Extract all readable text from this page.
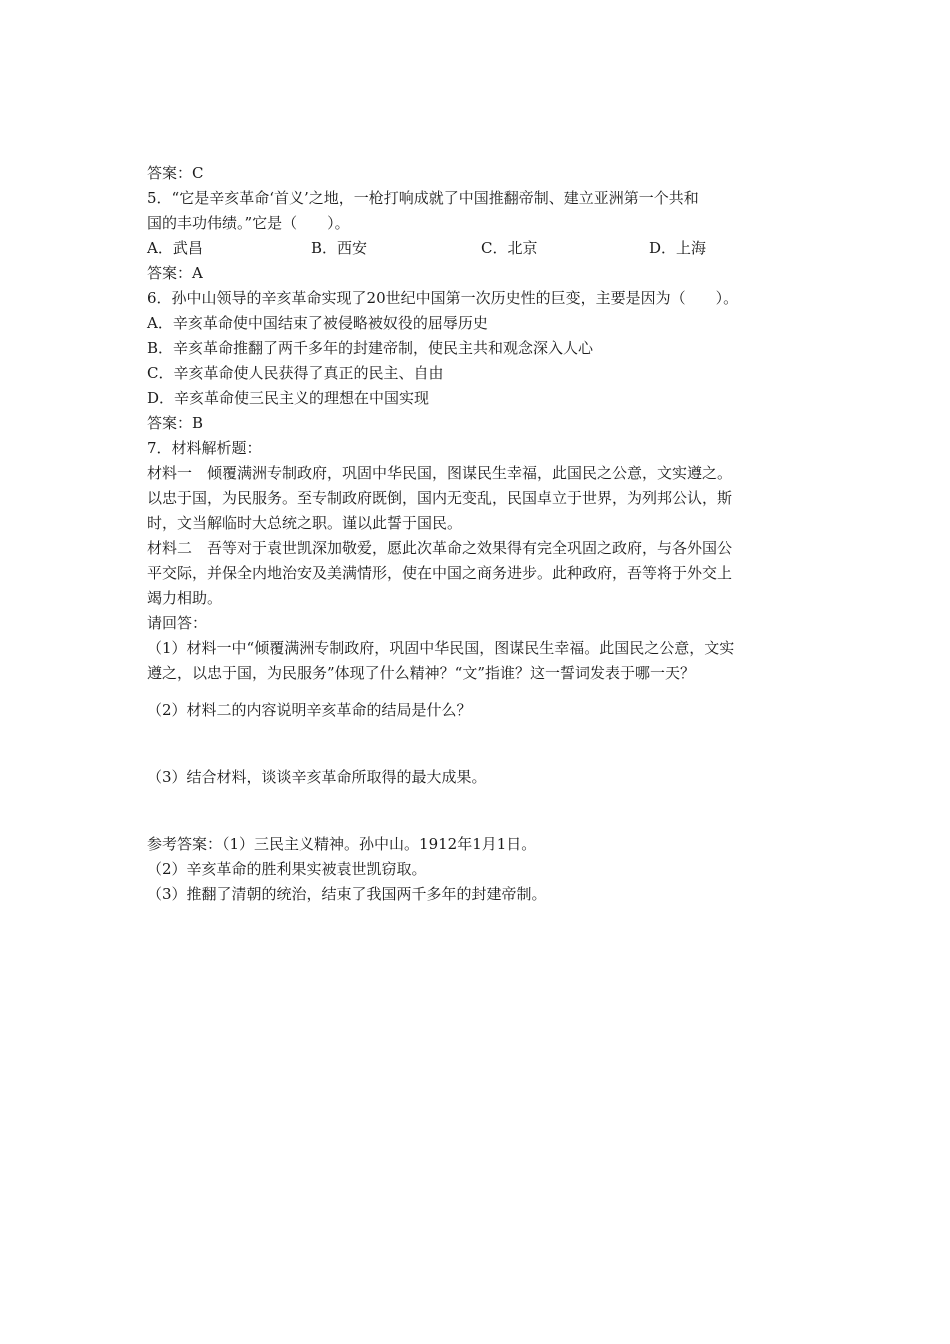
答案：C
5．“它是辛亥革命‘首义’之地，一枪打响成就了中国推翻帝制、建立亚洲第一个共和
国的丰功伟绩。”它是（　　）。
A．武昌	B．西安	C．北京	D．上海
答案：A
6．孙中山领导的辛亥革命实现了20世纪中国第一次历史性的巨变，主要是因为（　　）。
A．辛亥革命使中国结束了被侵略被奴役的屈辱历史
B．辛亥革命推翻了两千多年的封建帝制，使民主共和观念深入人心
C．辛亥革命使人民获得了真正的民主、自由
D．辛亥革命使三民主义的理想在中国实现
答案：B
7．材料解析题：
材料一　倾覆满洲专制政府，巩固中华民国，图谋民生幸福，此国民之公意，文实遵之。
以忠于国，为民服务。至专制政府既倒，国内无变乱，民国卓立于世界，为列邦公认，斯
时，文当解临时大总统之职。谨以此誓于国民。
材料二　吾等对于袁世凯深加敬爱，愿此次革命之效果得有完全巩固之政府，与各外国公
平交际，并保全内地治安及美满情形，使在中国之商务进步。此种政府，吾等将于外交上
竭力相助。
请回答：
（1）材料一中“倾覆满洲专制政府，巩固中华民国，图谋民生幸福。此国民之公意，文实
遵之，以忠于国，为民服务”体现了什么精神？“文”指谁？这一誓词发表于哪一天？
（2）材料二的内容说明辛亥革命的结局是什么？
（3）结合材料，谈谈辛亥革命所取得的最大成果。
参考答案：（1）三民主义精神。孙中山。1912年1月1日。
（2）辛亥革命的胜利果实被袁世凯窃取。
（3）推翻了清朝的统治，结束了我国两千多年的封建帝制。
